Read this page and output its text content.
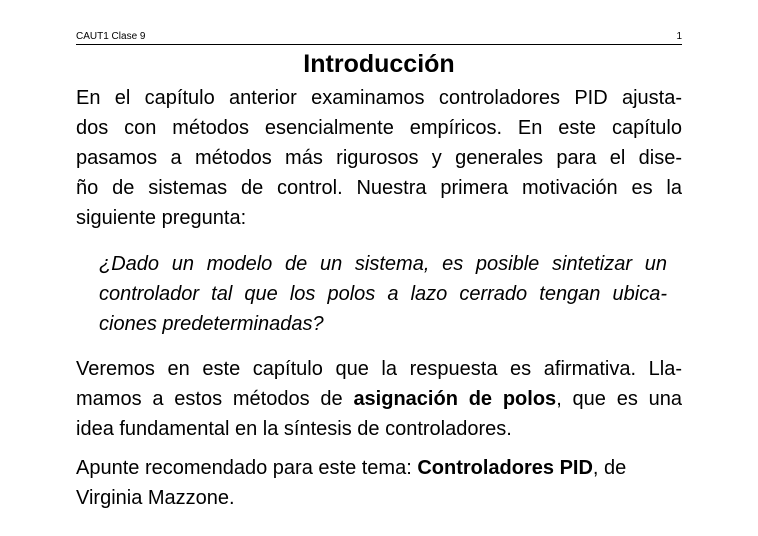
CAUT1 Clase 9	1
Introducción
En el capítulo anterior examinamos controladores PID ajusta-
dos con métodos esencialmente empíricos. En este capítulo
pasamos a métodos más rigurosos y generales para el dise-
ño de sistemas de control. Nuestra primera motivación es la
siguiente pregunta:
¿Dado un modelo de un sistema, es posible sintetizar un
controlador tal que los polos a lazo cerrado tengan ubica-
ciones predeterminadas?
Veremos en este capítulo que la respuesta es afirmativa. Lla-
mamos a estos métodos de asignación de polos, que es una
idea fundamental en la síntesis de controladores.
Apunte recomendado para este tema: Controladores PID, de
Virginia Mazzone.
